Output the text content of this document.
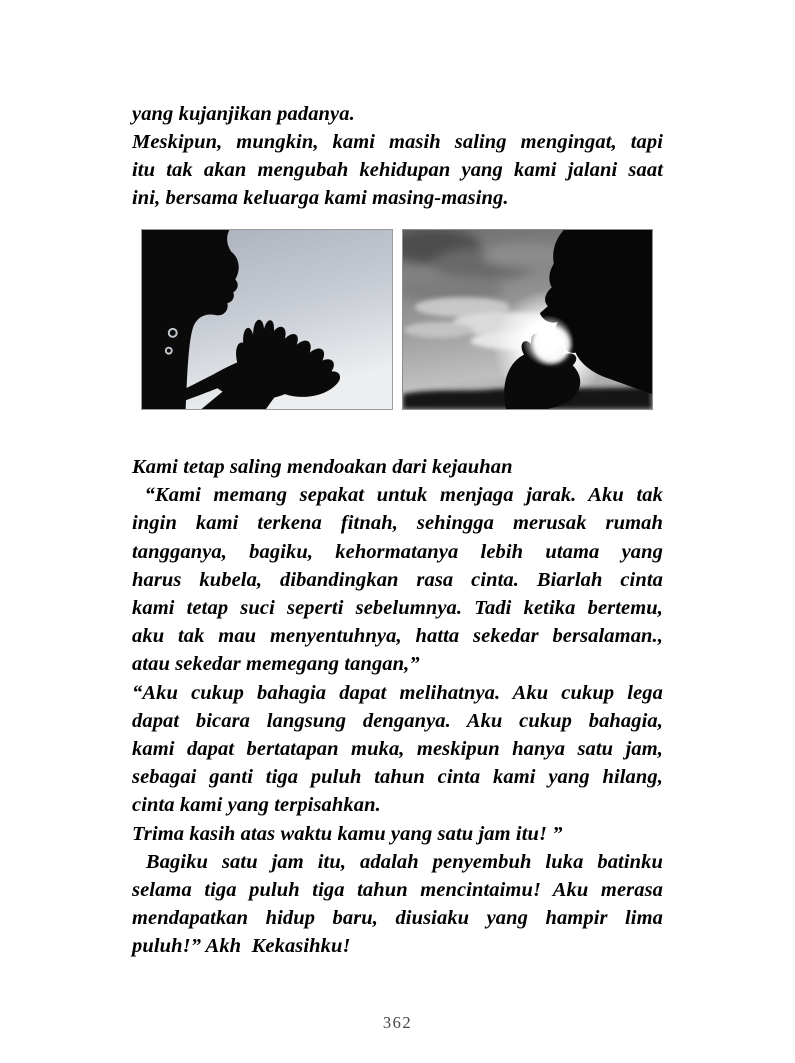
yang kujanjikan padanya.
Meskipun, mungkin, kami masih saling mengingat, tapi
itu tak akan mengubah kehidupan yang kami jalani saat
ini, bersama keluarga kami masing-masing.
Kami tetap saling mendoakan dari kejauhan
“Kami memang sepakat untuk menjaga jarak. Aku tak
ingin kami terkena fitnah, sehingga merusak rumah
tangganya, bagiku, kehormatanya lebih utama yang
harus kubela, dibandingkan rasa cinta. Biarlah cinta
kami tetap suci seperti sebelumnya. Tadi ketika bertemu,
aku tak mau menyentuhnya, hatta sekedar bersalaman.,
atau sekedar memegang tangan,”
“Aku cukup bahagia dapat melihatnya. Aku cukup lega
dapat bicara langsung denganya. Aku cukup bahagia,
kami dapat bertatapan muka, meskipun hanya satu jam,
sebagai ganti tiga puluh tahun cinta kami yang hilang,
cinta kami yang terpisahkan.
Trima kasih atas waktu kamu yang satu jam itu! ”
Bagiku satu jam itu, adalah penyembuh luka batinku
selama tiga puluh tiga tahun mencintaimu! Aku merasa
mendapatkan hidup baru, diusiaku yang hampir lima
puluh!” Akh  Kekasihku!
362
